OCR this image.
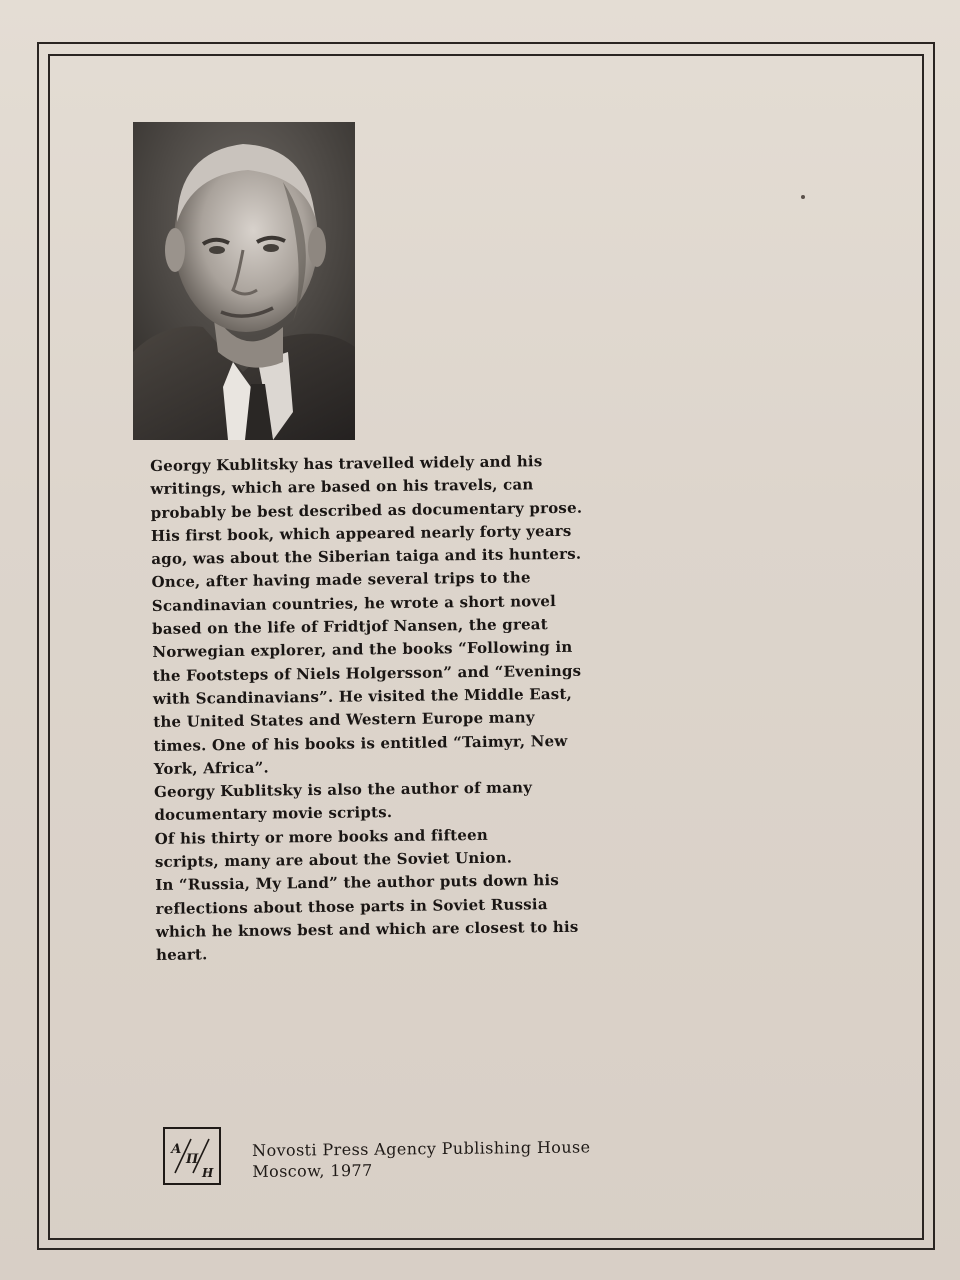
Georgy Kublitsky has travelled widely and his
writings, which are based on his travels, can
probably be best described as documentary prose.
His first book, which appeared nearly forty years
ago, was about the Siberian taiga and its hunters.
Once, after having made several trips to the
Scandinavian countries, he wrote a short novel
based on the life of Fridtjof Nansen, the great
Norwegian explorer, and the books “Following in
the Footsteps of Niels Holgersson” and “Evenings
with Scandinavians”. He visited the Middle East,
the United States and Western Europe many
times. One of his books is entitled “Taimyr, New
York, Africa”.
Georgy Kublitsky is also the author of many
documentary movie scripts.
Of his thirty or more books and fifteen
scripts, many are about the Soviet Union.
In “Russia, My Land” the author puts down his
reflections about those parts in Soviet Russia
which he knows best and which are closest to his
heart.
А
П
Н
Novosti Press Agency Publishing House
Moscow, 1977
